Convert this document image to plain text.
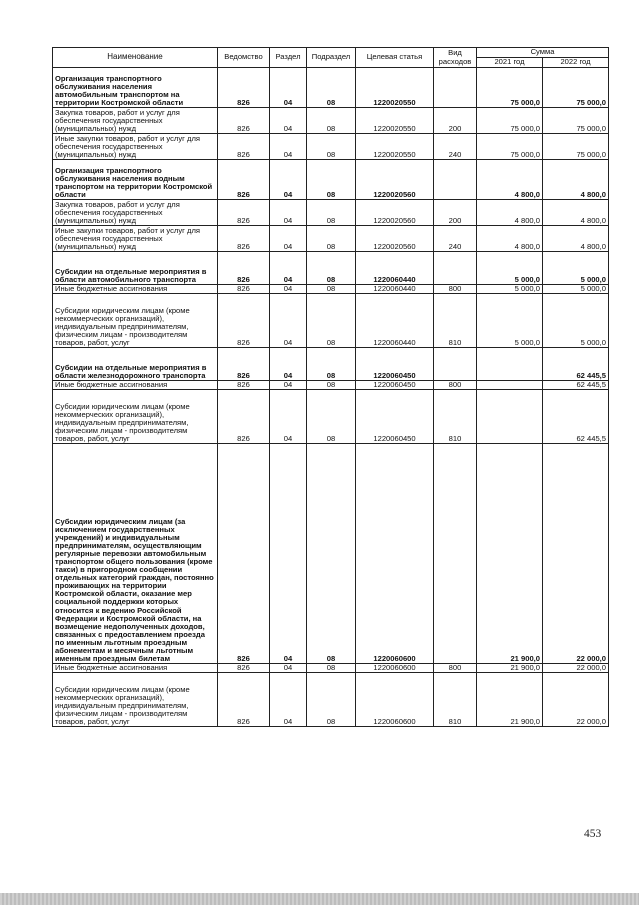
Наименование	Ведомство	Раздел	Подраздел	Целевая статья	Вид расходов	Сумма	
						2021 год	2022 год
Организация транспортного обслуживания населения автомобильным транспортом на территории Костромской области	826	04	08	1220020550		75 000,0	75 000,0
Закупка товаров, работ и услуг для обеспечения государственных (муниципальных) нужд	826	04	08	1220020550	200	75 000,0	75 000,0
Иные закупки товаров, работ и услуг для обеспечения государственных (муниципальных) нужд	826	04	08	1220020550	240	75 000,0	75 000,0
Организация транспортного обслуживания населения водным транспортом на территории Костромской области	826	04	08	1220020560		4 800,0	4 800,0
Закупка товаров, работ и услуг для обеспечения государственных (муниципальных) нужд	826	04	08	1220020560	200	4 800,0	4 800,0
Иные закупки товаров, работ и услуг для обеспечения государственных (муниципальных) нужд	826	04	08	1220020560	240	4 800,0	4 800,0
Субсидии на отдельные мероприятия в области автомобильного транспорта	826	04	08	1220060440		5 000,0	5 000,0
Иные бюджетные ассигнования	826	04	08	1220060440	800	5 000,0	5 000,0
Субсидии юридическим лицам (кроме некоммерческих организаций), индивидуальным предпринимателям, физическим лицам - производителям товаров, работ, услуг	826	04	08	1220060440	810	5 000,0	5 000,0
Субсидии на отдельные мероприятия в области железнодорожного транспорта	826	04	08	1220060450			62 445,5
Иные бюджетные ассигнования	826	04	08	1220060450	800		62 445,5
Субсидии юридическим лицам (кроме некоммерческих организаций), индивидуальным предпринимателям, физическим лицам - производителям товаров, работ, услуг	826	04	08	1220060450	810		62 445,5
Субсидии юридическим лицам (за исключением государственных учреждений) и индивидуальным предпринимателям, осуществляющим регулярные перевозки автомобильным транспортом общего пользования (кроме такси) в пригородном сообщении отдельных категорий граждан, постоянно проживающих на территории Костромской области, оказание мер социальной поддержки которых относится к ведению Российской Федерации и Костромской области, на возмещение недополученных доходов, связанных с предоставлением проезда по именным льготным проездным абонементам и месячным льготным именным проездным билетам	826	04	08	1220060600		21 900,0	22 000,0
Иные бюджетные ассигнования	826	04	08	1220060600	800	21 900,0	22 000,0
Субсидии юридическим лицам (кроме некоммерческих организаций), индивидуальным предпринимателям, физическим лицам - производителям товаров, работ, услуг	826	04	08	1220060600	810	21 900,0	22 000,0
453
